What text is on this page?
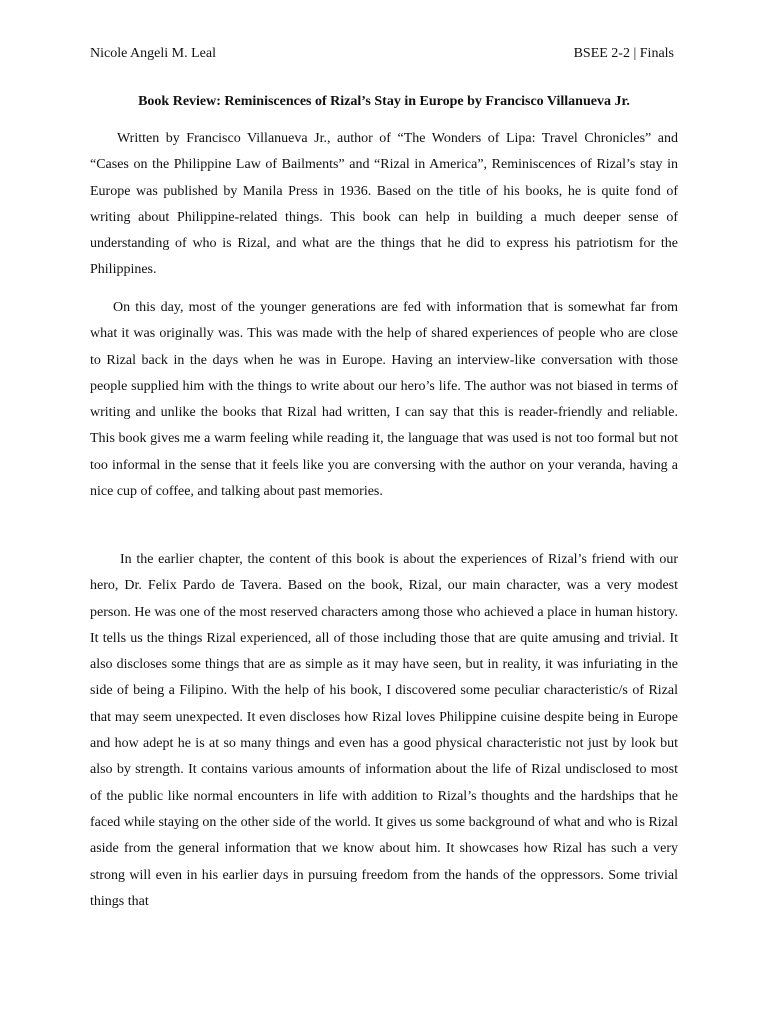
Nicole Angeli M. Leal	BSEE 2-2 | Finals
Book Review: Reminiscences of Rizal’s Stay in Europe by Francisco Villanueva Jr.

Written by Francisco Villanueva Jr., author of “The Wonders of Lipa: Travel Chronicles” and “Cases on the Philippine Law of Bailments” and “Rizal in America”, Reminiscences of Rizal’s stay in Europe was published by Manila Press in 1936. Based on the title of his books, he is quite fond of writing about Philippine-related things. This book can help in building a much deeper sense of understanding of who is Rizal, and what are the things that he did to express his patriotism for the Philippines.

On this day, most of the younger generations are fed with information that is somewhat far from what it was originally was. This was made with the help of shared experiences of people who are close to Rizal back in the days when he was in Europe. Having an interview-like conversation with those people supplied him with the things to write about our hero’s life. The author was not biased in terms of writing and unlike the books that Rizal had written, I can say that this is reader-friendly and reliable. This book gives me a warm feeling while reading it, the language that was used is not too formal but not too informal in the sense that it feels like you are conversing with the author on your veranda, having a nice cup of coffee, and talking about past memories.

In the earlier chapter, the content of this book is about the experiences of Rizal’s friend with our hero, Dr. Felix Pardo de Tavera. Based on the book, Rizal, our main character, was a very modest person. He was one of the most reserved characters among those who achieved a place in human history. It tells us the things Rizal experienced, all of those including those that are quite amusing and trivial. It also discloses some things that are as simple as it may have seen, but in reality, it was infuriating in the side of being a Filipino. With the help of his book, I discovered some peculiar characteristic/s of Rizal that may seem unexpected. It even discloses how Rizal loves Philippine cuisine despite being in Europe and how adept he is at so many things and even has a good physical characteristic not just by look but also by strength. It contains various amounts of information about the life of Rizal undisclosed to most of the public like normal encounters in life with addition to Rizal’s thoughts and the hardships that he faced while staying on the other side of the world. It gives us some background of what and who is Rizal aside from the general information that we know about him. It showcases how Rizal has such a very strong will even in his earlier days in pursuing freedom from the hands of the oppressors. Some trivial things that
